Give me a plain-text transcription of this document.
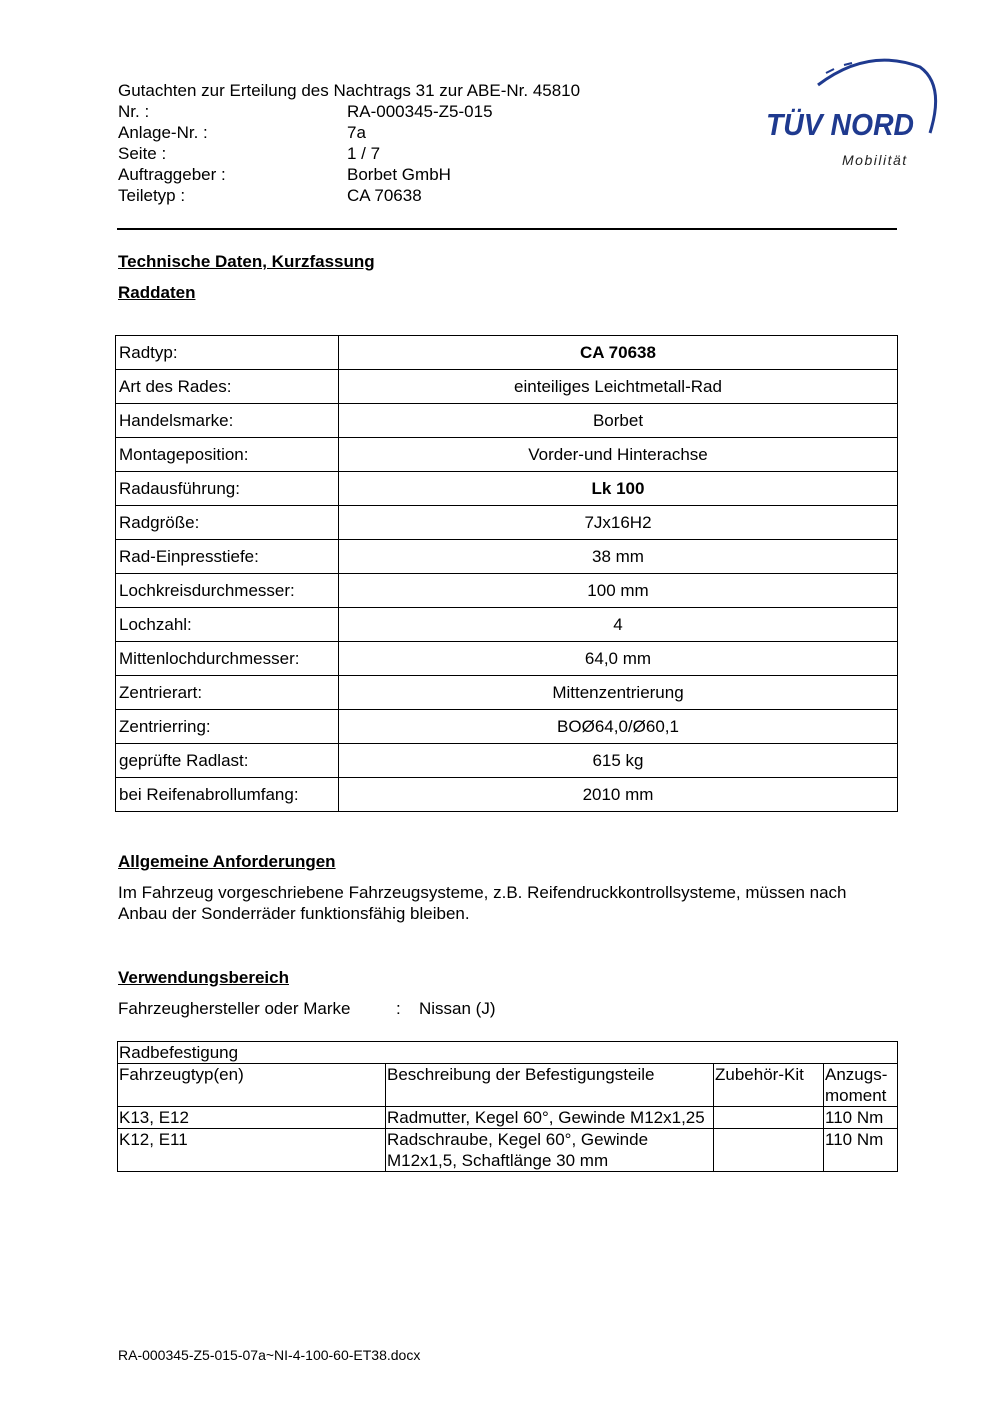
Gutachten zur Erteilung des Nachtrags 31 zur ABE-Nr. 45810
Nr. :	RA-000345-Z5-015
Anlage-Nr. :	7a
Seite :	1 / 7
Auftraggeber :	Borbet GmbH
Teiletyp :	CA 70638
TÜV NORD
Mobilität
Technische Daten, Kurzfassung
Raddaten
Radtyp:	CA 70638
Art des Rades:	einteiliges Leichtmetall-Rad
Handelsmarke:	Borbet
Montageposition:	Vorder-und Hinterachse
Radausführung:	Lk 100
Radgröße:	7Jx16H2
Rad-Einpresstiefe:	38 mm
Lochkreisdurchmesser:	100 mm
Lochzahl:	4
Mittenlochdurchmesser:	64,0 mm
Zentrierart:	Mittenzentrierung
Zentrierring:	BOØ64,0/Ø60,1
geprüfte Radlast:	615 kg
bei Reifenabrollumfang:	2010 mm
Allgemeine Anforderungen
Im Fahrzeug vorgeschriebene Fahrzeugsysteme, z.B. Reifendruckkontrollsysteme, müssen nach Anbau der Sonderräder funktionsfähig bleiben.
Verwendungsbereich
Fahrzeughersteller oder Marke	: Nissan (J)
Radbefestigung			
Fahrzeugtyp(en)	Beschreibung der Befestigungsteile	Zubehör-Kit	Anzugs-moment
K13, E12	Radmutter, Kegel 60°, Gewinde M12x1,25		110 Nm
K12, E11	Radschraube, Kegel 60°, Gewinde M12x1,5, Schaftlänge 30 mm		110 Nm
RA-000345-Z5-015-07a~NI-4-100-60-ET38.docx
